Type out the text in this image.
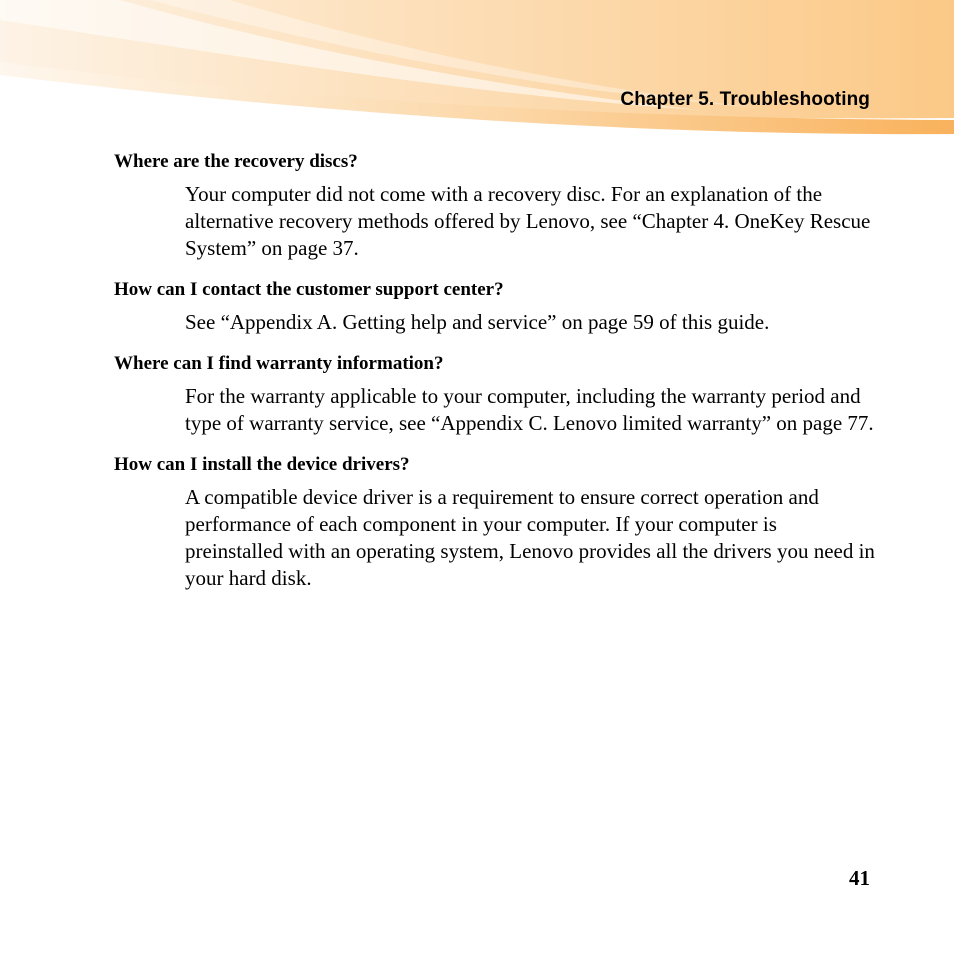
Chapter 5. Troubleshooting

Where are the recovery discs?

Your computer did not come with a recovery disc. For an explanation of the alternative recovery methods offered by Lenovo, see “Chapter 4. OneKey Rescue System” on page 37.

How can I contact the customer support center?

See “Appendix A. Getting help and service” on page 59 of this guide.

Where can I find warranty information?

For the warranty applicable to your computer, including the warranty period and type of warranty service, see “Appendix C. Lenovo limited warranty” on page 77.

How can I install the device drivers?

A compatible device driver is a requirement to ensure correct operation and performance of each component in your computer. If your computer is preinstalled with an operating system, Lenovo provides all the drivers you need in your hard disk.

41
